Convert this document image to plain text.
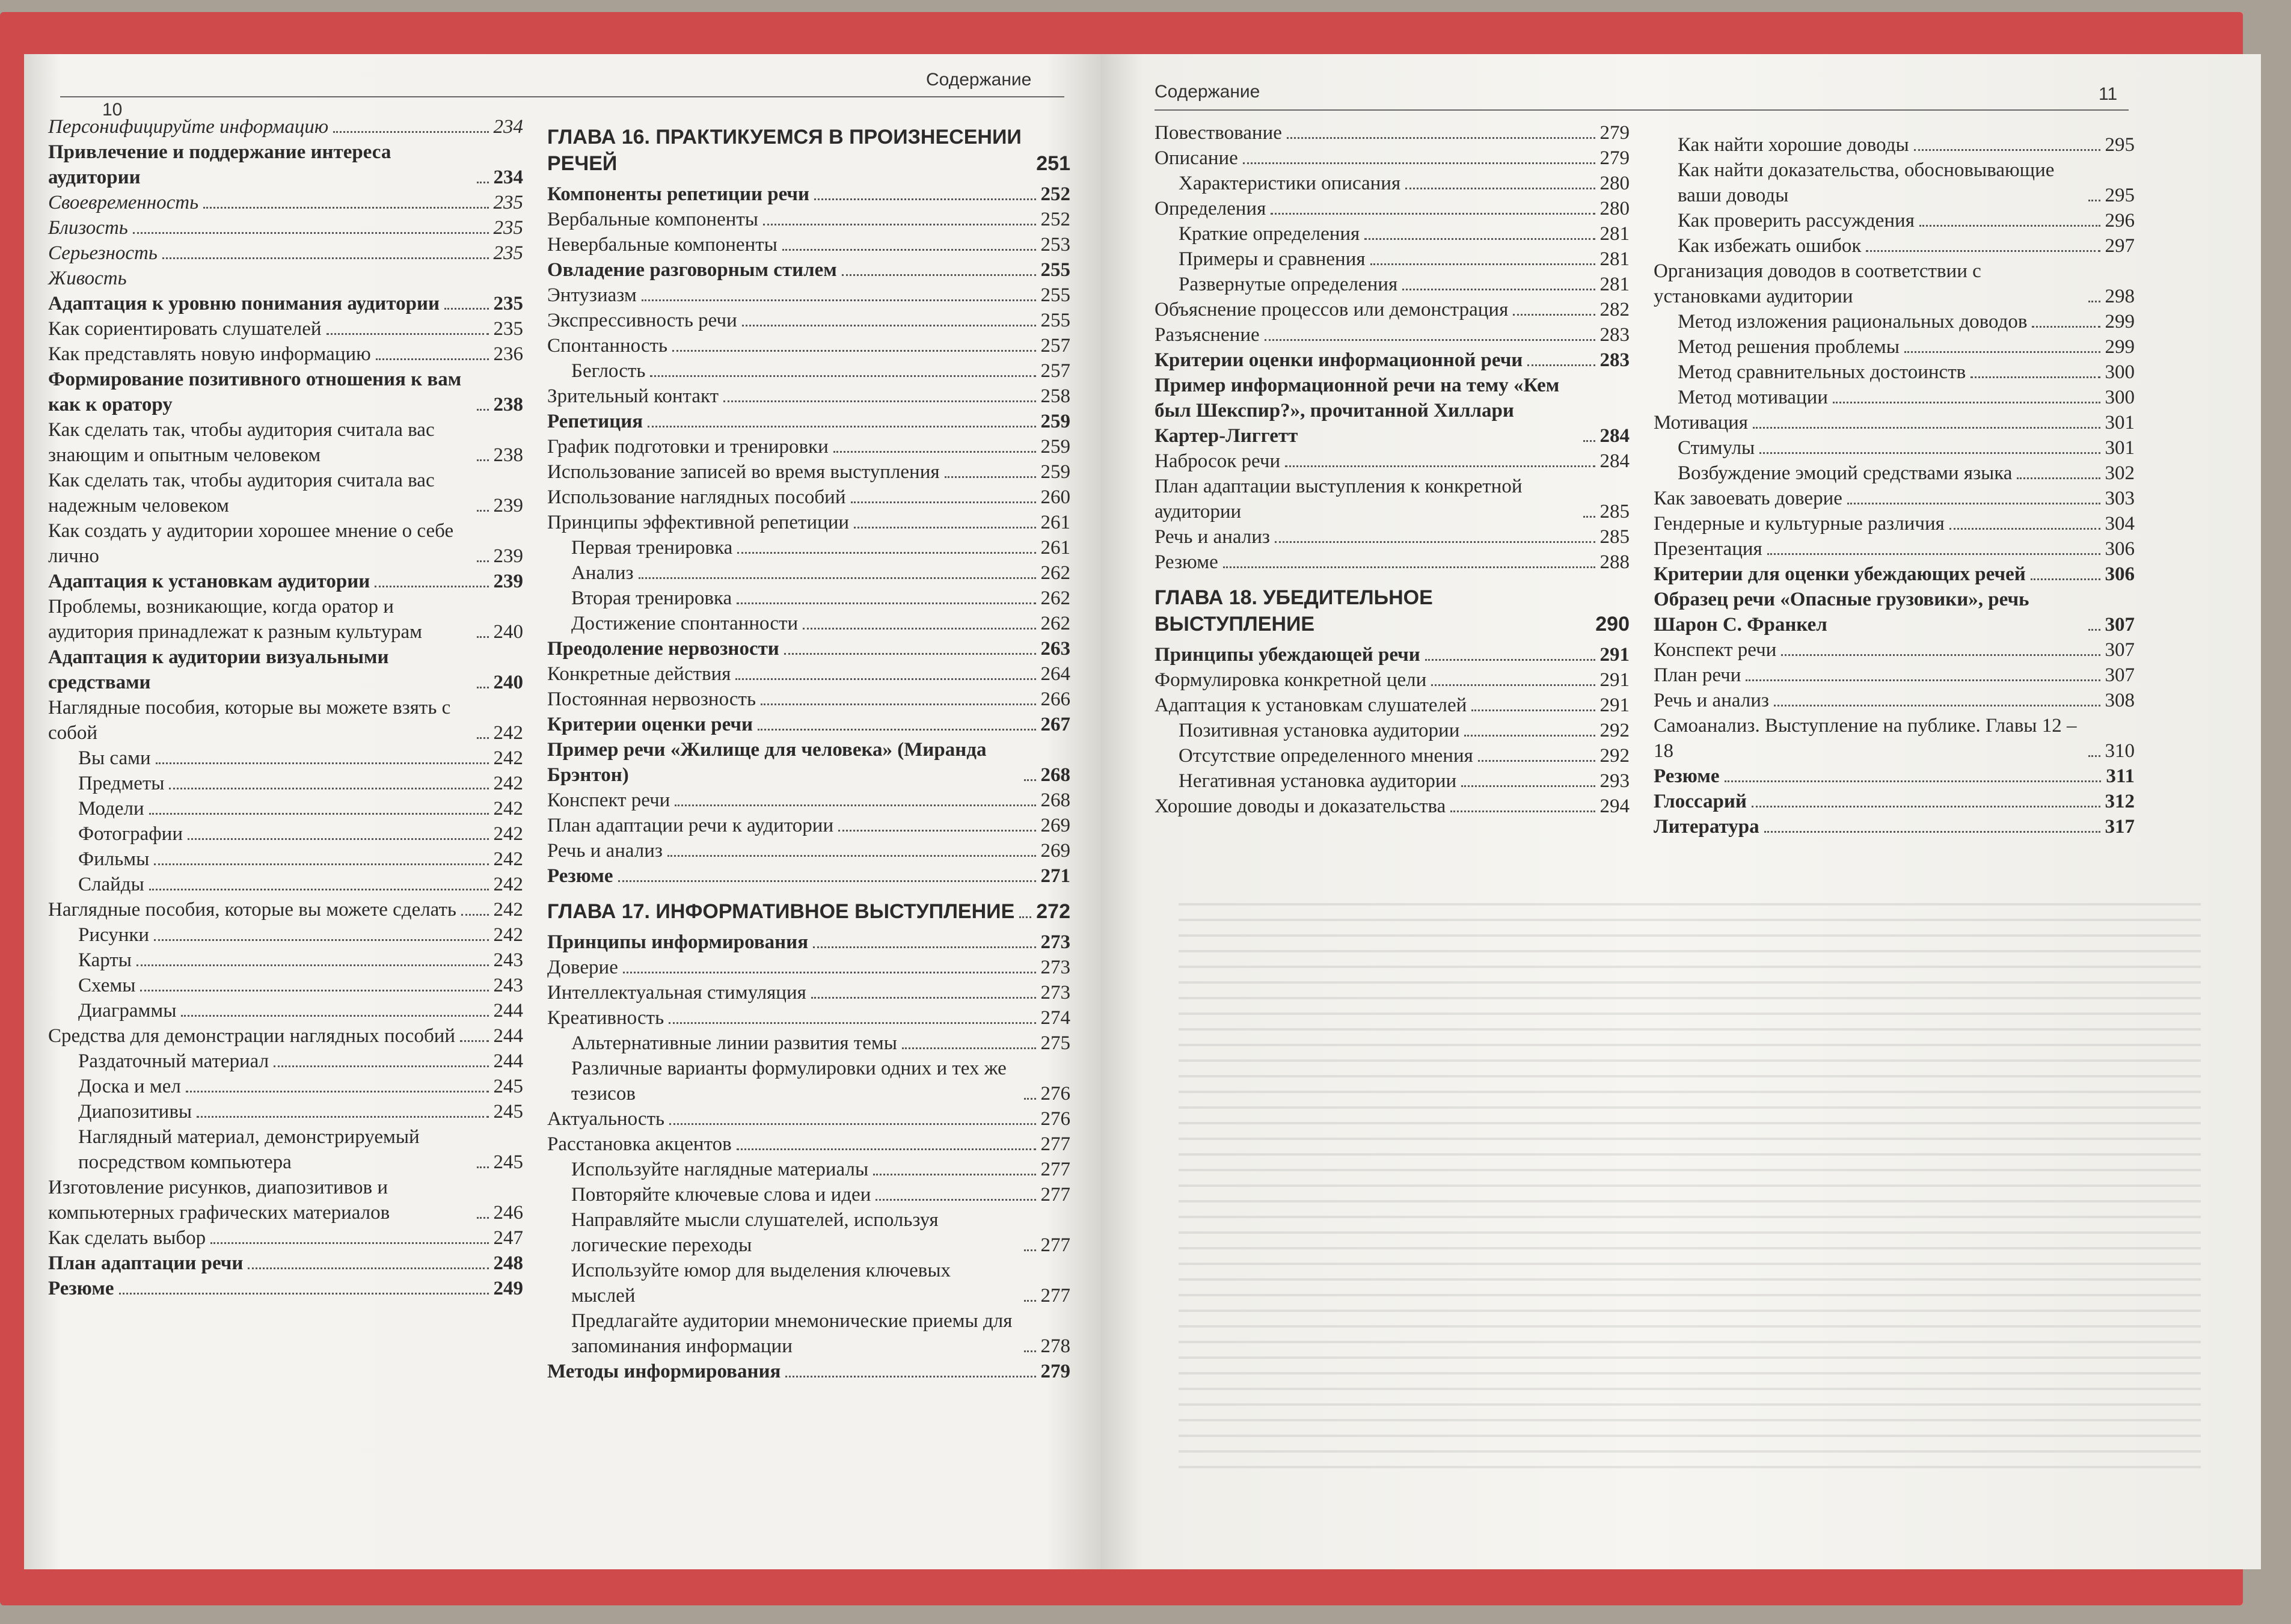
Содержание
10
Персонифицируйте информацию	234
Привлечение и поддержание интереса аудитории	234
Своевременность	235
Близость	235
Серьезность	235
Живость
Адаптация к уровню понимания аудитории	235
Как сориентировать слушателей	235
Как представлять новую информацию	236
Формирование позитивного отношения к вам как к оратору	238
Как сделать так, чтобы аудитория считала вас знающим и опытным человеком	238
Как сделать так, чтобы аудитория считала вас надежным человеком	239
Как создать у аудитории хорошее мнение о себе лично	239
Адаптация к установкам аудитории	239
Проблемы, возникающие, когда оратор и аудитория принадлежат к разным культурам	240
Адаптация к аудитории визуальными средствами	240
Наглядные пособия, которые вы можете взять с собой	242
Вы сами	242
Предметы	242
Модели	242
Фотографии	242
Фильмы	242
Слайды	242
Наглядные пособия, которые вы можете сделать 242
Рисунки	242
Карты	243
Схемы	243
Диаграммы	244
Средства для демонстрации наглядных пособий 244
Раздаточный материал	244
Доска и мел	245
Диапозитивы	245
Наглядный материал, демонстрируемый посредством компьютера	245
Изготовление рисунков, диапозитивов и компьютерных графических материалов	246
Как сделать выбор	247
План адаптации речи	248
Резюме	249
ГЛАВА 16. ПРАКТИКУЕМСЯ В ПРОИЗНЕСЕНИИ РЕЧЕЙ	251
Компоненты репетиции речи	252
Вербальные компоненты	252
Невербальные компоненты	253
Овладение разговорным стилем	255
Энтузиазм	255
Экспрессивность речи	255
Спонтанность	257
Беглость	257
Зрительный контакт	258
Репетиция	259
График подготовки и тренировки	259
Использование записей во время выступления	259
Использование наглядных пособий	260
Принципы эффективной репетиции	261
Первая тренировка	261
Анализ	262
Вторая тренировка	262
Достижение спонтанности	262
Преодоление нервозности	263
Конкретные действия	264
Постоянная нервозность	266
Критерии оценки речи	267
Пример речи «Жилище для человека» (Миранда Брэнтон)	268
Конспект речи	268
План адаптации речи к аудитории	269
Речь и анализ	269
Резюме	271
ГЛАВА 17. ИНФОРМАТИВНОЕ ВЫСТУПЛЕНИЕ 272
Принципы информирования	273
Доверие	273
Интеллектуальная стимуляция	273
Креативность	274
Альтернативные линии развития темы	275
Различные варианты формулировки одних и тех же тезисов	276
Актуальность	276
Расстановка акцентов	277
Используйте наглядные материалы	277
Повторяйте ключевые слова и идеи	277
Направляйте мысли слушателей, используя логические переходы	277
Используйте юмор для выделения ключевых мыслей	277
Предлагайте аудитории мнемонические приемы для запоминания информации	278
Методы информирования	279
Содержание	11
Повествование	279
Описание	279
Характеристики описания	280
Определения	280
Краткие определения	281
Примеры и сравнения	281
Развернутые определения	281
Объяснение процессов или демонстрация	282
Разъяснение	283
Критерии оценки информационной речи	283
Пример информационной речи на тему «Кем был Шекспир?», прочитанной Хиллари Картер-Лиггетт	284
Набросок речи	284
План адаптации выступления к конкретной аудитории	285
Речь и анализ	285
Резюме	288
ГЛАВА 18. УБЕДИТЕЛЬНОЕ ВЫСТУПЛЕНИЕ	290
Принципы убеждающей речи	291
Формулировка конкретной цели	291
Адаптация к установкам слушателей	291
Позитивная установка аудитории	292
Отсутствие определенного мнения	292
Негативная установка аудитории	293
Хорошие доводы и доказательства	294
Как найти хорошие доводы	295
Как найти доказательства, обосновывающие ваши доводы	295
Как проверить рассуждения	296
Как избежать ошибок	297
Организация доводов в соответствии с установками аудитории	298
Метод изложения рациональных доводов	299
Метод решения проблемы	299
Метод сравнительных достоинств	300
Метод мотивации	300
Мотивация	301
Стимулы	301
Возбуждение эмоций средствами языка	302
Как завоевать доверие	303
Гендерные и культурные различия	304
Презентация	306
Критерии для оценки убеждающих речей	306
Образец речи «Опасные грузовики», речь Шарон С. Франкел	307
Конспект речи	307
План речи	307
Речь и анализ	308
Самоанализ. Выступление на публике. Главы 12 – 18	310
Резюме	311
Глоссарий	312
Литература	317
